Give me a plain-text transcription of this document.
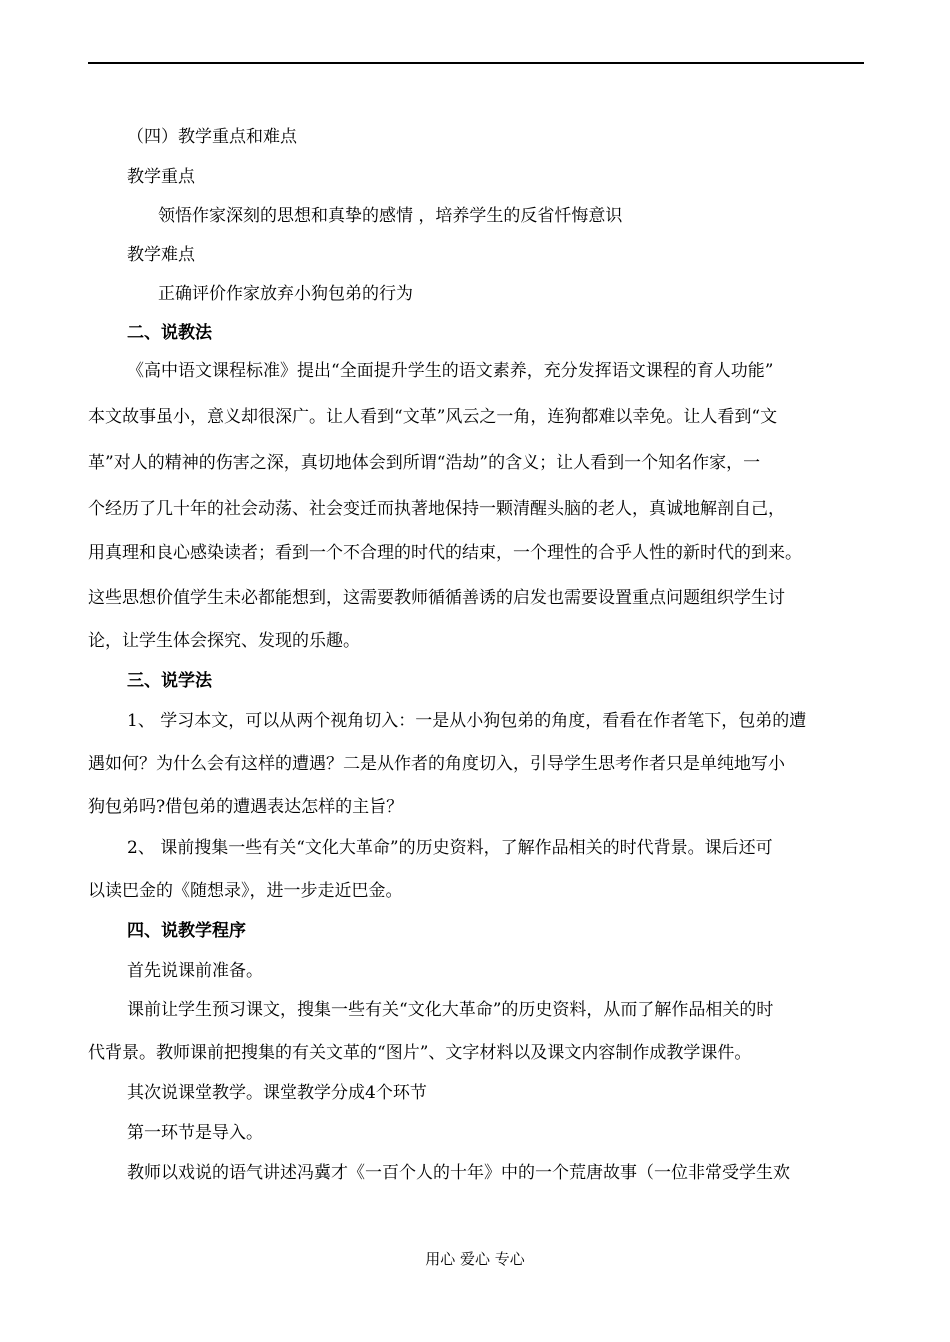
（四）教学重点和难点
教学重点
领悟作家深刻的思想和真挚的感情 ，培养学生的反省忏悔意识
教学难点
正确评价作家放弃小狗包弟的行为
二、说教法
《高中语文课程标准》提出“全面提升学生的语文素养，充分发挥语文课程的育人功能”
本文故事虽小，意义却很深广。让人看到“文革”风云之一角，连狗都难以幸免。让人看到“文
革”对人的精神的伤害之深，真切地体会到所谓“浩劫”的含义；让人看到一个知名作家，一
个经历了几十年的社会动荡、社会变迁而执著地保持一颗清醒头脑的老人，真诚地解剖自己，
用真理和良心感染读者；看到一个不合理的时代的结束，一个理性的合乎人性的新时代的到来。
这些思想价值学生未必都能想到，这需要教师循循善诱的启发也需要设置重点问题组织学生讨
论，让学生体会探究、发现的乐趣。
三、说学法
1、 学习本文，可以从两个视角切入：一是从小狗包弟的角度，看看在作者笔下，包弟的遭
遇如何？为什么会有这样的遭遇？二是从作者的角度切入，引导学生思考作者只是单纯地写小
狗包弟吗?借包弟的遭遇表达怎样的主旨？
2、 课前搜集一些有关“文化大革命”的历史资料，了解作品相关的时代背景。课后还可
以读巴金的《随想录》，进一步走近巴金。
四、说教学程序
首先说课前准备。
课前让学生预习课文，搜集一些有关“文化大革命”的历史资料，从而了解作品相关的时
代背景。教师课前把搜集的有关文革的“图片”、文字材料以及课文内容制作成教学课件。
其次说课堂教学。课堂教学分成4个环节
第一环节是导入。
教师以戏说的语气讲述冯冀才《一百个人的十年》中的一个荒唐故事（一位非常受学生欢
用心 爱心 专心
